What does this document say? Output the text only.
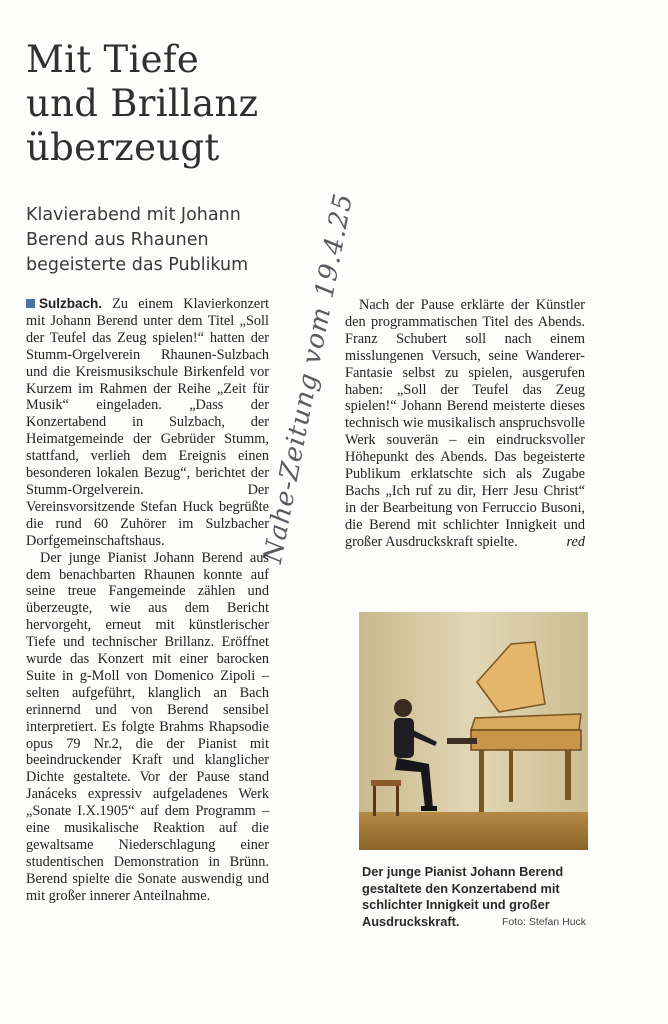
Mit Tiefe
und Brillanz
überzeugt
Klavierabend mit Johann
Berend aus Rhaunen
begeisterte das Publikum Nahe-Zeitung vom 19.4.25

Sulzbach. Zu einem Klavierkonzert mit Johann Berend unter dem Titel „Soll der Teufel das Zeug spielen!“ hatten der Stumm-Orgelverein Rhaunen-Sulzbach und die Kreismusikschule Birkenfeld vor Kurzem im Rahmen der Reihe „Zeit für Musik“ eingeladen. „Dass der Konzertabend in Sulzbach, der Heimatgemeinde der Gebrüder Stumm, stattfand, verlieh dem Ereignis einen besonderen lokalen Bezug“, berichtet der Stumm-Orgelverein. Der Vereinsvorsitzende Stefan Huck begrüßte die rund 60 Zuhörer im Sulzbacher Dorfgemeinschaftshaus.

Der junge Pianist Johann Berend aus dem benachbarten Rhaunen konnte auf seine treue Fangemeinde zählen und überzeugte, wie aus dem Bericht hervorgeht, erneut mit künstlerischer Tiefe und technischer Brillanz. Eröffnet wurde das Konzert mit einer barocken Suite in g-Moll von Domenico Zipoli – selten aufgeführt, klanglich an Bach erinnernd und von Berend sensibel interpretiert. Es folgte Brahms Rhapsodie opus 79 Nr.2, die der Pianist mit beeindruckender Kraft und klanglicher Dichte gestaltete. Vor der Pause stand Janáceks expressiv aufgeladenes Werk „Sonate I.X.1905“ auf dem Programm – eine musikalische Reaktion auf die gewaltsame Niederschlagung einer studentischen Demonstration in Brünn. Berend spielte die Sonate auswendig und mit großer innerer Anteilnahme.

Nach der Pause erklärte der Künstler den programmatischen Titel des Abends. Franz Schubert soll nach einem misslungenen Versuch, seine Wanderer-Fantasie selbst zu spielen, ausgerufen haben: „Soll der Teufel das Zeug spielen!“ Johann Berend meisterte dieses technisch wie musikalisch anspruchsvolle Werk souverän – ein eindrucksvoller Höhepunkt des Abends. Das begeisterte Publikum erklatschte sich als Zugabe Bachs „Ich ruf zu dir, Herr Jesu Christ“ in der Bearbeitung von Ferruccio Busoni, die Berend mit schlichter Innigkeit und großer Ausdruckskraft spielte.	red
Der junge Pianist Johann Berend
gestaltete den Konzertabend mit
schlichter Innigkeit und großer
Ausdruckskraft.	Foto: Stefan Huck
